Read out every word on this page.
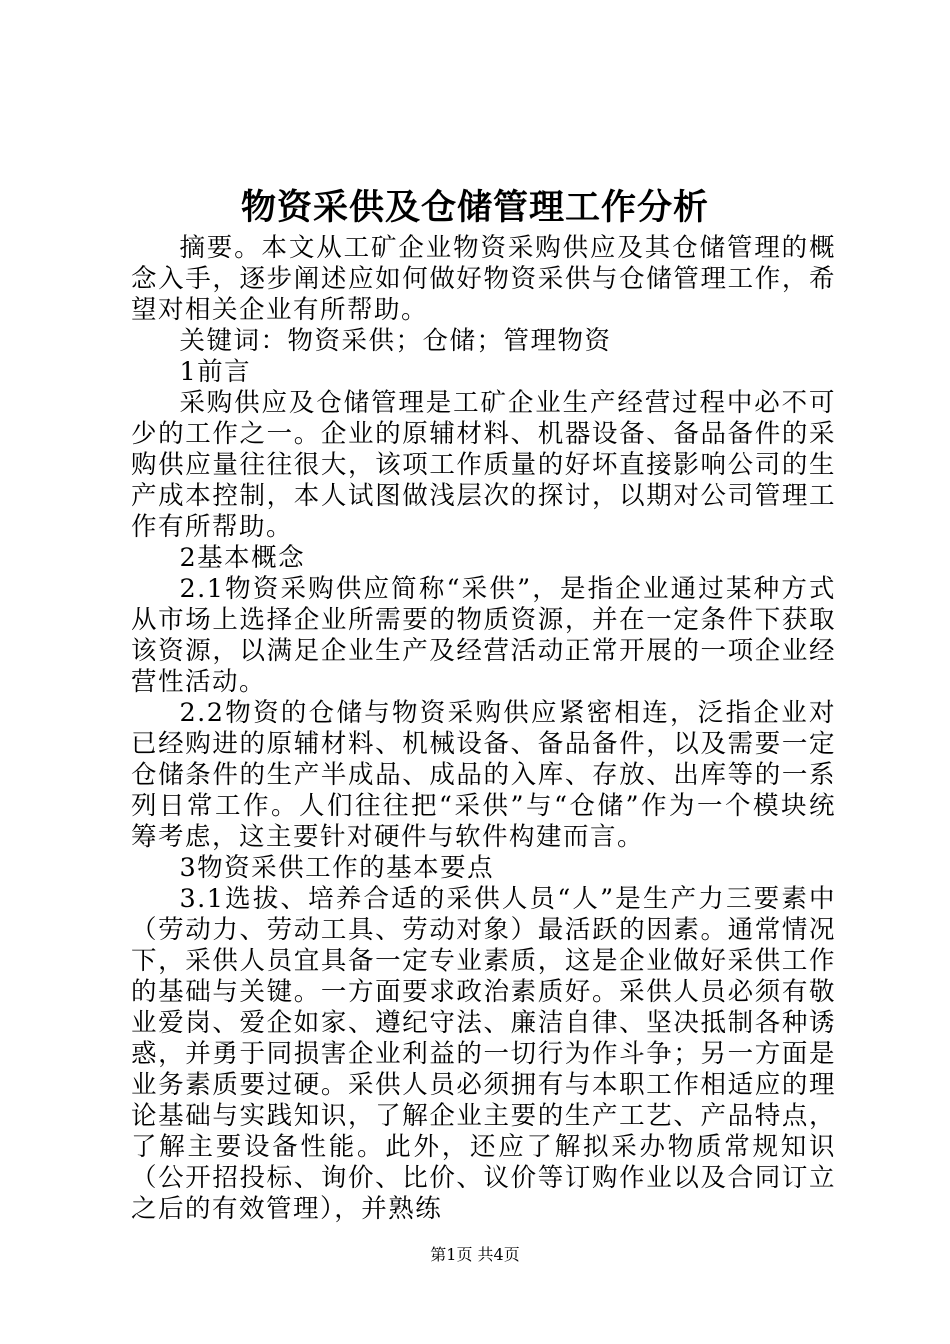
物资采供及仓储管理工作分析

摘要。本文从工矿企业物资采购供应及其仓储管理的概念入手，逐步阐述应如何做好物资采供与仓储管理工作，希望对相关企业有所帮助。

关键词：物资采供；仓储；管理物资

1前言

采购供应及仓储管理是工矿企业生产经营过程中必不可少的工作之一。企业的原辅材料、机器设备、备品备件的采购供应量往往很大，该项工作质量的好坏直接影响公司的生产成本控制，本人试图做浅层次的探讨，以期对公司管理工作有所帮助。

2基本概念

2.1物资采购供应简称“采供”，是指企业通过某种方式从市场上选择企业所需要的物质资源，并在一定条件下获取该资源，以满足企业生产及经营活动正常开展的一项企业经营性活动。

2.2物资的仓储与物资采购供应紧密相连，泛指企业对已经购进的原辅材料、机械设备、备品备件，以及需要一定仓储条件的生产半成品、成品的入库、存放、出库等的一系列日常工作。人们往往把“采供”与“仓储”作为一个模块统筹考虑，这主要针对硬件与软件构建而言。

3物资采供工作的基本要点

3.1选拔、培养合适的采供人员“人”是生产力三要素中（劳动力、劳动工具、劳动对象）最活跃的因素。通常情况下，采供人员宜具备一定专业素质，这是企业做好采供工作的基础与关键。一方面要求政治素质好。采供人员必须有敬业爱岗、爱企如家、遵纪守法、廉洁自律、坚决抵制各种诱惑，并勇于同损害企业利益的一切行为作斗争；另一方面是业务素质要过硬。采供人员必须拥有与本职工作相适应的理论基础与实践知识，了解企业主要的生产工艺、产品特点，了解主要设备性能。此外，还应了解拟采办物质常规知识（公开招投标、询价、比价、议价等订购作业以及合同订立之后的有效管理），并熟练

第1页 共4页
